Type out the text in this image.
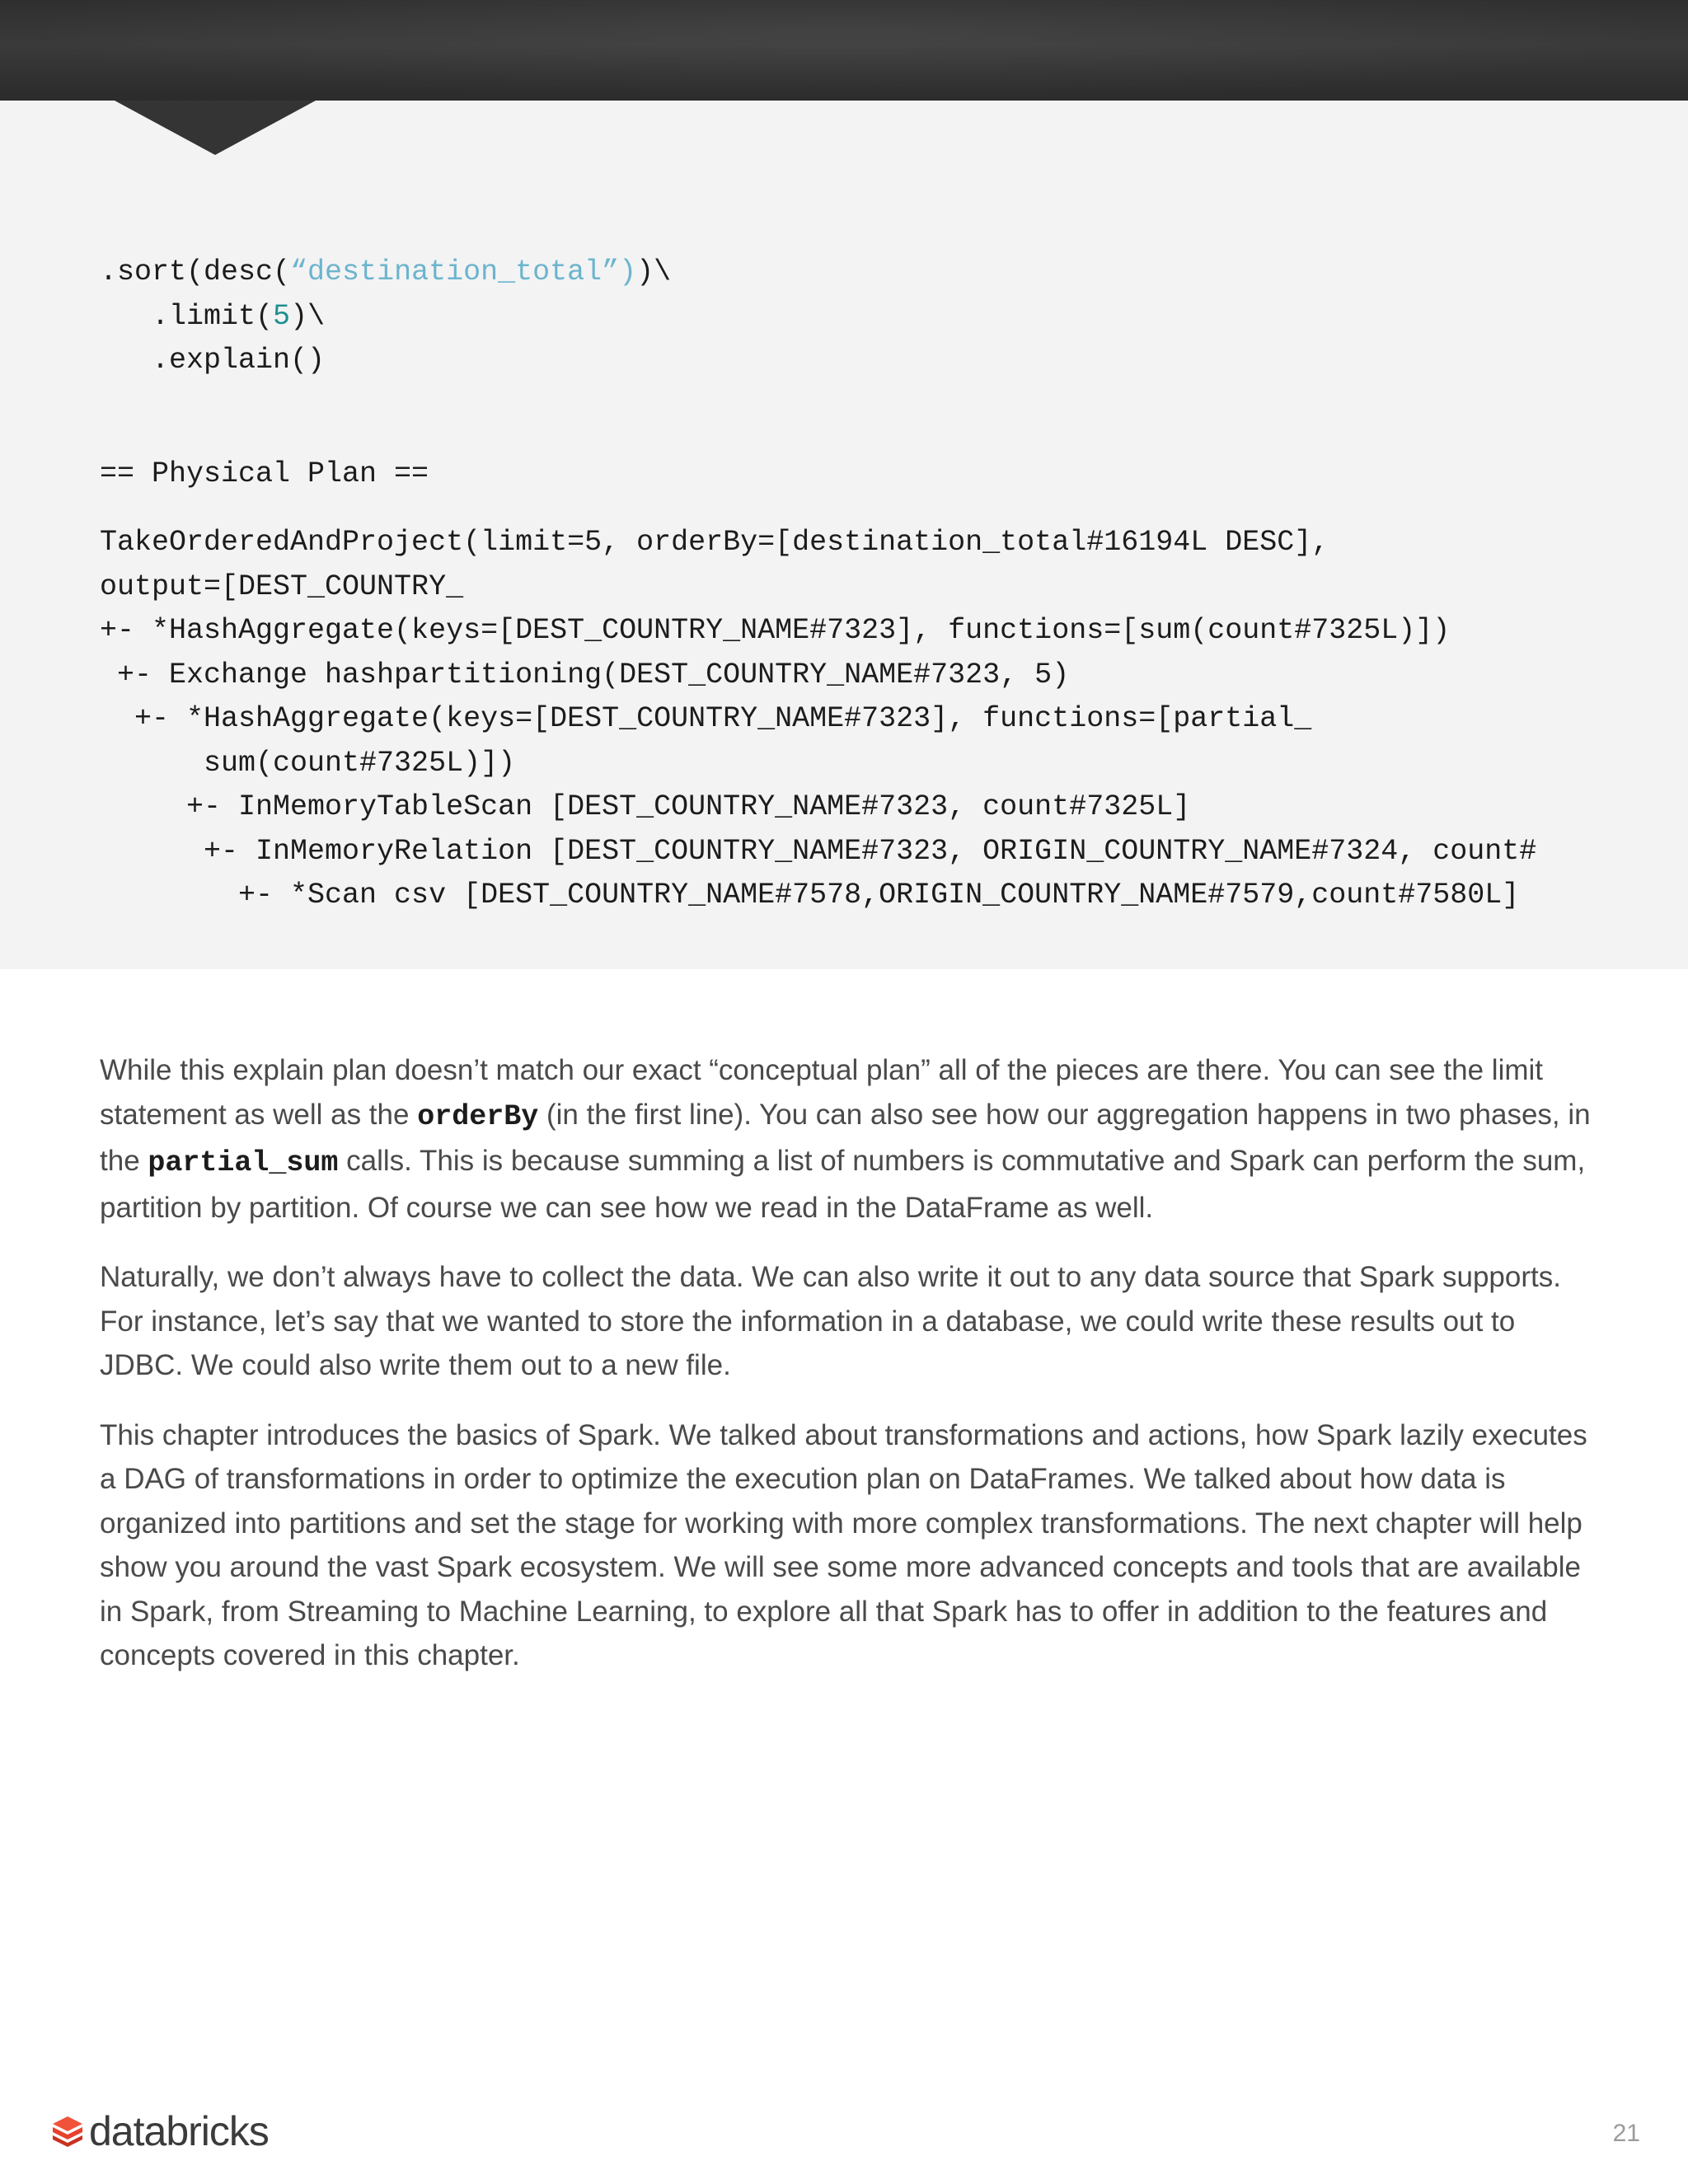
.sort(desc(“destination_total”))\
.limit(5)\
.explain()
== Physical Plan ==
TakeOrderedAndProject(limit=5, orderBy=[destination_total#16194L DESC],
output=[DEST_COUNTRY_
+- *HashAggregate(keys=[DEST_COUNTRY_NAME#7323], functions=[sum(count#7325L)])
+- Exchange hashpartitioning(DEST_COUNTRY_NAME#7323, 5)
+- *HashAggregate(keys=[DEST_COUNTRY_NAME#7323], functions=[partial_
sum(count#7325L)])
+- InMemoryTableScan [DEST_COUNTRY_NAME#7323, count#7325L]
+- InMemoryRelation [DEST_COUNTRY_NAME#7323, ORIGIN_COUNTRY_NAME#7324, count#
+- *Scan csv [DEST_COUNTRY_NAME#7578,ORIGIN_COUNTRY_NAME#7579,count#7580L]

While this explain plan doesn’t match our exact “conceptual plan” all of the pieces are there. You can see the limit statement as well as the orderBy (in the first line). You can also see how our aggregation happens in two phases, in the partial_sum calls. This is because summing a list of numbers is commutative and Spark can perform the sum, partition by partition. Of course we can see how we read in the DataFrame as well.

Naturally, we don’t always have to collect the data. We can also write it out to any data source that Spark supports. For instance, let’s say that we wanted to store the information in a database, we could write these results out to JDBC. We could also write them out to a new file.

This chapter introduces the basics of Spark. We talked about transformations and actions, how Spark lazily executes a DAG of transformations in order to optimize the execution plan on DataFrames. We talked about how data is organized into partitions and set the stage for working with more complex transformations. The next chapter will help show you around the vast Spark ecosystem. We will see some more advanced concepts and tools that are available in Spark, from Streaming to Machine Learning, to explore all that Spark has to offer in addition to the features and concepts covered in this chapter.

databricks	21
